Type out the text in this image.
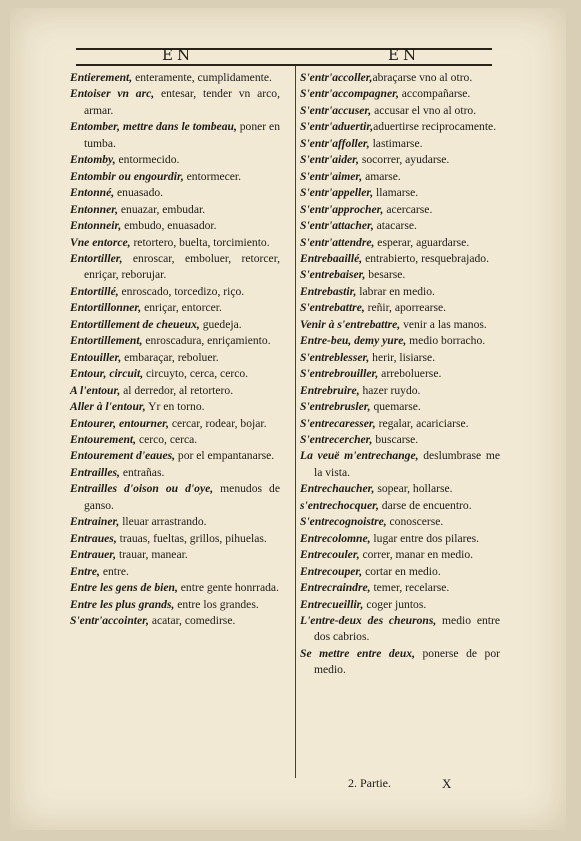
EN	EN

Entierement, enteramente, cumplidamente.

Entoiser vn arc, entesar, tender vn arco, armar.

Entomber, mettre dans le tombeau, poner en tumba.

Entomby, entormecido.

Entombir ou engourdir, entormecer.

Entonné, enuasado.

Entonner, enuazar, embudar.

Entonneir, embudo, enuasador.

Vne entorce, retortero, buelta, torcimiento.

Entortiller, enroscar, emboluer, retorcer, enriçar, reborujar.

Entortillé, enroscado, torcedizo, riço.

Entortillonner, enriçar, entorcer.

Entortillement de cheueux, guedeja.

Entortillement, enroscadura, enriçamiento.

Entouiller, embaraçar, reboluer.

Entour, circuit, circuyto, cerca, cerco.

A l'entour, al derredor, al retortero.

Aller à l'entour, Yr en torno.

Entourer, entourner, cercar, rodear, bojar.

Entourement, cerco, cerca.

Entourement d'eaues, por el empantanarse.

Entrailles, entrañas.

Entrailles d'oison ou d'oye, menudos de ganso.

Entrainer, lleuar arrastrando.

Entraues, trauas, fueltas, grillos, pihuelas.

Entrauer, trauar, manear.

Entre, entre.

Entre les gens de bien, entre gente honrrada.

Entre les plus grands, entre los grandes.

S'entr'accointer, acatar, comedirse.

S'entr'accoller,abraçarse vno al otro.

S'entr'accompagner, accompañarse.

S'entr'accuser, accusar el vno al otro.

S'entr'aduertir,aduertirse reciprocamente.

S'entr'affoller, lastimarse.

S'entr'aider, socorrer, ayudarse.

S'entr'aimer, amarse.

S'entr'appeller, llamarse.

S'entr'approcher, acercarse.

S'entr'attacher, atacarse.

S'entr'attendre, esperar, aguardarse.

Entrebaaillé, entrabierto, resquebrajado.

S'entrebaiser, besarse.

Entrebastir, labrar en medio.

S'entrebattre, reñir, aporrearse.

Venir à s'entrebattre, venir a las manos.

Entre-beu, demy yure, medio borracho.

S'entreblesser, herir, lisiarse.

S'entrebrouiller, arreboluerse.

Entrebruire, hazer ruydo.

S'entrebrusler, quemarse.

S'entrecaresser, regalar, acariciarse.

S'entrecercher, buscarse.

La veuë m'entrechange, deslumbrase me la vista.

Entrechaucher, sopear, hollarse.

s'entrechocquer, darse de encuentro.

S'entrecognoistre, conoscerse.

Entrecolomne, lugar entre dos pilares.

Entrecouler, correr, manar en medio.

Entrecouper, cortar en medio.

Entrecraindre, temer, recelarse.

Entrecueillir, coger juntos.

L'entre-deux des cheurons, medio entre dos cabrios.

Se mettre entre deux, ponerse de por medio.

2. Partie.	X
